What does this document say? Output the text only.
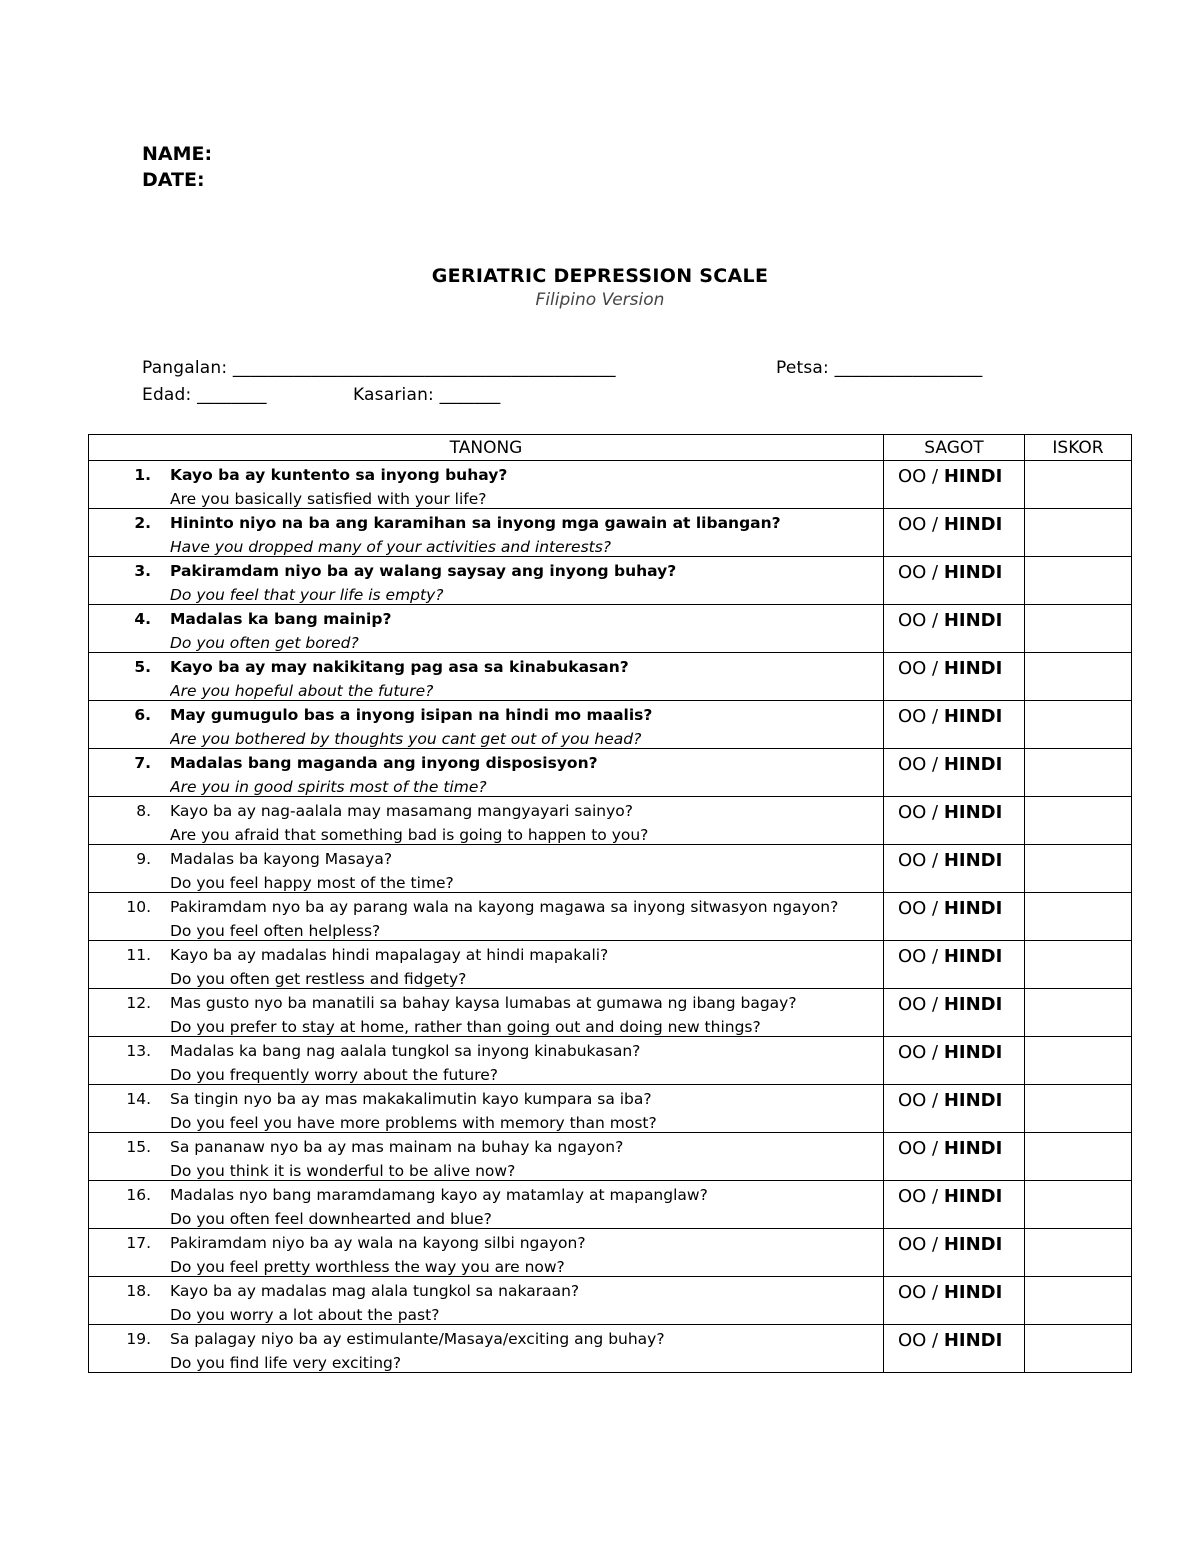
NAME:
DATE:
GERIATRIC DEPRESSION SCALE
Filipino Version
Pangalan: ____________________________________________	Petsa: _________________
Edad: ________	Kasarian: _______
TANONG	SAGOT	ISKOR

1. Kayo ba ay kuntento sa inyong buhay?
Are you basically satisfied with your life?	OO / HINDI	

2. Hininto niyo na ba ang karamihan sa inyong mga gawain at libangan?
Have you dropped many of your activities and interests?	OO / HINDI	

3. Pakiramdam niyo ba ay walang saysay ang inyong buhay?
Do you feel that your life is empty?	OO / HINDI	

4. Madalas ka bang mainip?
Do you often get bored?	OO / HINDI	

5. Kayo ba ay may nakikitang pag asa sa kinabukasan?
Are you hopeful about the future?	OO / HINDI	

6. May gumugulo bas a inyong isipan na hindi mo maalis?
Are you bothered by thoughts you cant get out of you head?	OO / HINDI	

7. Madalas bang maganda ang inyong disposisyon?
Are you in good spirits most of the time?	OO / HINDI	

8. Kayo ba ay nag-aalala may masamang mangyayari sainyo?
Are you afraid that something bad is going to happen to you?	OO / HINDI	

9. Madalas ba kayong Masaya?
Do you feel happy most of the time?	OO / HINDI	

10. Pakiramdam nyo ba ay parang wala na kayong magawa sa inyong sitwasyon ngayon?
Do you feel often helpless?	OO / HINDI	

11. Kayo ba ay madalas hindi mapalagay at hindi mapakali?
Do you often get restless and fidgety?	OO / HINDI	

12. Mas gusto nyo ba manatili sa bahay kaysa lumabas at gumawa ng ibang bagay?
Do you prefer to stay at home, rather than going out and doing new things?	OO / HINDI	

13. Madalas ka bang nag aalala tungkol sa inyong kinabukasan?
Do you frequently worry about the future?	OO / HINDI	

14. Sa tingin nyo ba ay mas makakalimutin kayo kumpara sa iba?
Do you feel you have more problems with memory than most?	OO / HINDI	

15. Sa pananaw nyo ba ay mas mainam na buhay ka ngayon?
Do you think it is wonderful to be alive now?	OO / HINDI	

16. Madalas nyo bang maramdamang kayo ay matamlay at mapanglaw?
Do you often feel downhearted and blue?	OO / HINDI	

17. Pakiramdam niyo ba ay wala na kayong silbi ngayon?
Do you feel pretty worthless the way you are now?	OO / HINDI	

18. Kayo ba ay madalas mag alala tungkol sa nakaraan?
Do you worry a lot about the past?	OO / HINDI	

19. Sa palagay niyo ba ay estimulante/Masaya/exciting ang buhay?
Do you find life very exciting?	OO / HINDI	
